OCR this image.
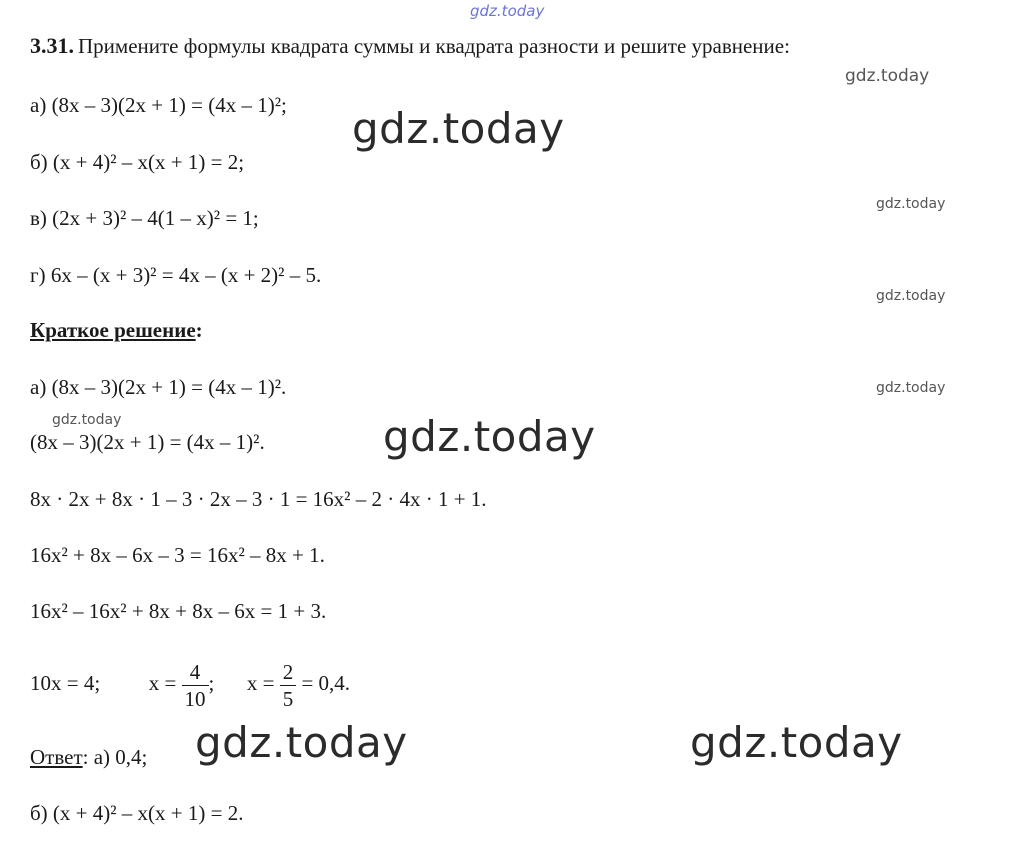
gdz.today
gdz.today
gdz.today
gdz.today
gdz.today
gdz.today
gdz.today	gdz.today
gdz.today	gdz.today
3.31. Примените формулы квадрата суммы и квадрата разности и решите уравнение:
а) (8x – 3)(2x + 1) = (4x – 1)²;
б) (x + 4)² – x(x + 1) = 2;
в) (2x + 3)² – 4(1 – x)² = 1;
г) 6x – (x + 3)² = 4x – (x + 2)² – 5.
Краткое решение:
а) (8x – 3)(2x + 1) = (4x – 1)².
(8x – 3)(2x + 1) = (4x – 1)².
8x · 2x + 8x · 1 – 3 · 2x – 3 · 1 = 16x² – 2 · 4x · 1 + 1.
16x² + 8x – 6x – 3 = 16x² – 8x + 1.
16x² – 16x² + 8x + 8x – 6x = 1 + 3.
10x = 4; $x = \frac{4}{10}$ ; $x = \frac{2}{5} = 0,4$.
Ответ: а) 0,4;
б) (x + 4)² – x(x + 1) = 2.
